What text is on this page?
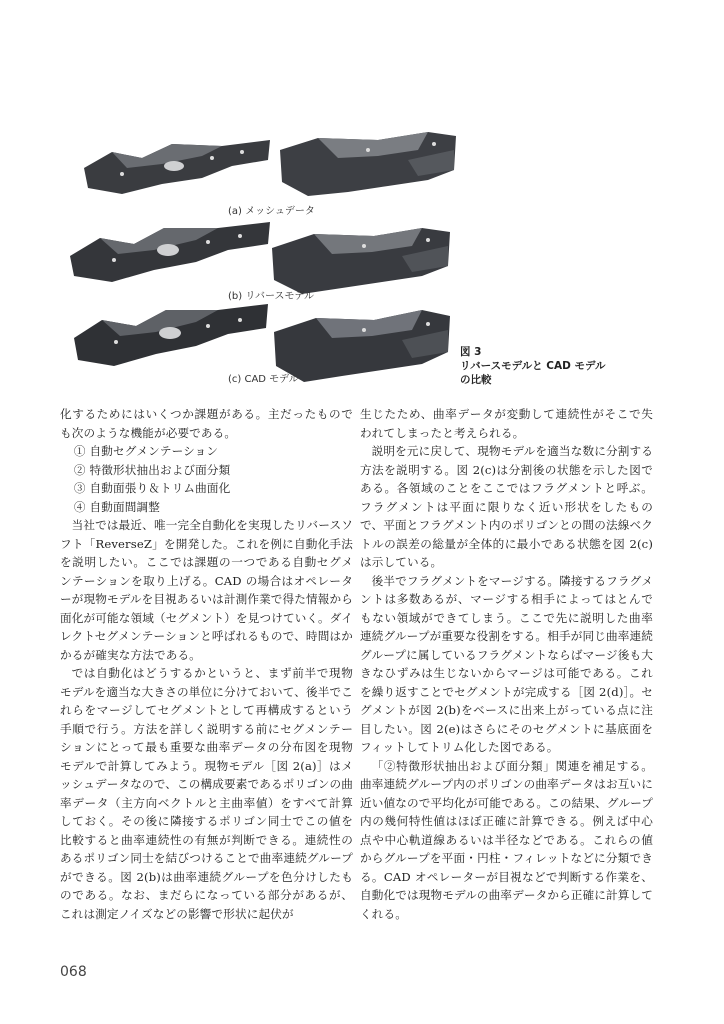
(a) メッシュデータ
(b) リバースモデル
(c) CAD モデル
図 3
リバースモデルと CAD モデル
の比較

化するためにはいくつか課題がある。主だったものでも次のような機能が必要である。

① 自動セグメンテーション

② 特徴形状抽出および面分類

③ 自動面張り＆トリム曲面化

④ 自動面間調整

当社では最近、唯一完全自動化を実現したリバースソフト「ReverseZ」を開発した。これを例に自動化手法を説明したい。ここでは課題の一つである自動セグメンテーションを取り上げる。CAD の場合はオペレーターが現物モデルを目視あるいは計測作業で得た情報から面化が可能な領域（セグメント）を見つけていく。ダイレクトセグメンテーションと呼ばれるもので、時間はかかるが確実な方法である。

では自動化はどうするかというと、まず前半で現物モデルを適当な大きさの単位に分けておいて、後半でこれらをマージしてセグメントとして再構成するという手順で行う。方法を詳しく説明する前にセグメンテーションにとって最も重要な曲率データの分布図を現物モデルで計算してみよう。現物モデル［図 2(a)］はメッシュデータなので、この構成要素であるポリゴンの曲率データ（主方向ベクトルと主曲率値）をすべて計算しておく。その後に隣接するポリゴン同士でこの値を比較すると曲率連続性の有無が判断できる。連続性のあるポリゴン同士を結びつけることで曲率連続グループができる。図 2(b)は曲率連続グループを色分けしたものである。なお、まだらになっている部分があるが、これは測定ノイズなどの影響で形状に起伏が

生じたため、曲率データが変動して連続性がそこで失われてしまったと考えられる。

説明を元に戻して、現物モデルを適当な数に分割する方法を説明する。図 2(c)は分割後の状態を示した図である。各領域のことをここではフラグメントと呼ぶ。フラグメントは平面に限りなく近い形状をしたもので、平面とフラグメント内のポリゴンとの間の法線ベクトルの誤差の総量が全体的に最小である状態を図 2(c)は示している。

後半でフラグメントをマージする。隣接するフラグメントは多数あるが、マージする相手によってはとんでもない領域ができてしまう。ここで先に説明した曲率連続グループが重要な役割をする。相手が同じ曲率連続グループに属しているフラグメントならばマージ後も大きなひずみは生じないからマージは可能である。これを繰り返すことでセグメントが完成する［図 2(d)］。セグメントが図 2(b)をベースに出来上がっている点に注目したい。図 2(e)はさらにそのセグメントに基底面をフィットしてトリム化した図である。

「②特徴形状抽出および面分類」関連を補足する。曲率連続グループ内のポリゴンの曲率データはお互いに近い値なので平均化が可能である。この結果、グループ内の幾何特性値はほぼ正確に計算できる。例えば中心点や中心軌道線あるいは半径などである。これらの値からグループを平面・円柱・フィレットなどに分類できる。CAD オペレーターが目視などで判断する作業を、自動化では現物モデルの曲率データから正確に計算してくれる。

068
